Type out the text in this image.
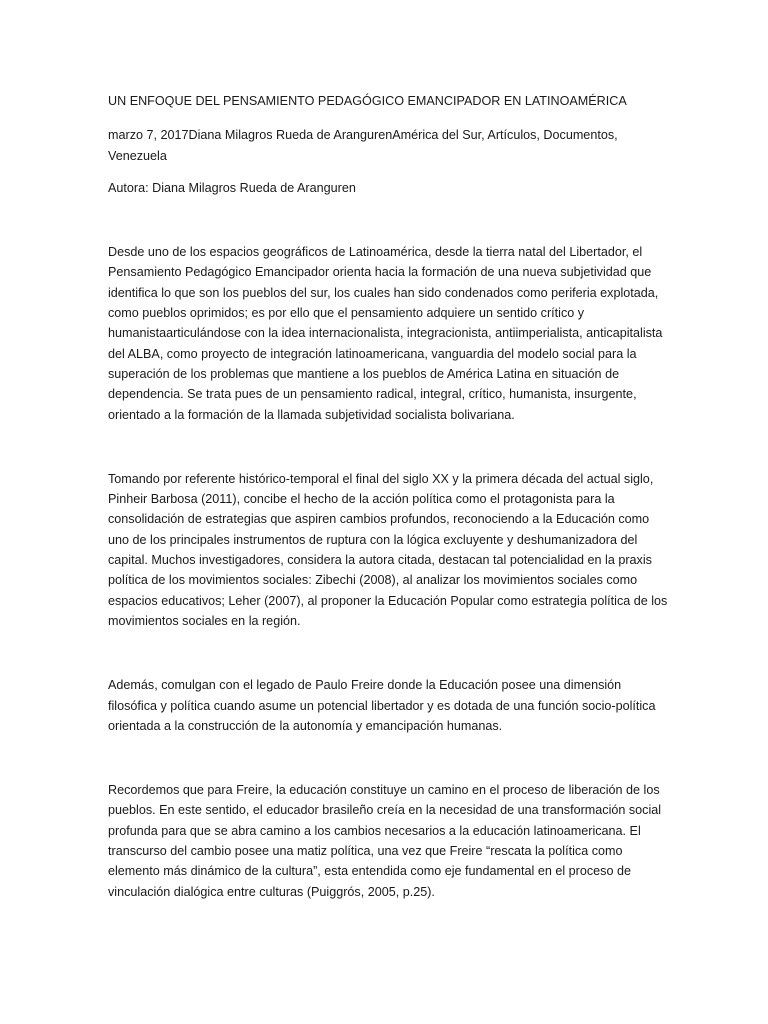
UN ENFOQUE DEL PENSAMIENTO PEDAGÓGICO EMANCIPADOR EN LATINOAMÉRICA
marzo 7, 2017Diana Milagros Rueda de ArangurenAmérica del Sur, Artículos, Documentos, Venezuela
Autora: Diana Milagros Rueda de Aranguren

Desde uno de los espacios geográficos de Latinoamérica, desde la tierra natal del Libertador, el Pensamiento Pedagógico Emancipador orienta hacia la formación de una nueva subjetividad que identifica lo que son los pueblos del sur, los cuales han sido condenados como periferia explotada, como pueblos oprimidos; es por ello que el pensamiento adquiere un sentido crítico y humanistaarticulándose con la idea internacionalista, integracionista, antiimperialista, anticapitalista del ALBA, como proyecto de integración latinoamericana, vanguardia del modelo social para la superación de los problemas que mantiene a los pueblos de América Latina en situación de dependencia. Se trata pues de un pensamiento radical, integral, crítico, humanista, insurgente, orientado a la formación de la llamada subjetividad socialista bolivariana.

Tomando por referente histórico-temporal el final del siglo XX y la primera década del actual siglo, Pinheir Barbosa (2011), concibe el hecho de la acción política como el protagonista para la consolidación de estrategias que aspiren cambios profundos, reconociendo a la Educación como uno de los principales instrumentos de ruptura con la lógica excluyente y deshumanizadora del capital. Muchos investigadores, considera la autora citada, destacan tal potencialidad en la praxis política de los movimientos sociales: Zibechi (2008), al analizar los movimientos sociales como espacios educativos; Leher (2007), al proponer la Educación Popular como estrategia política de los movimientos sociales en la región.

Además, comulgan con el legado de Paulo Freire donde la Educación posee una dimensión filosófica y política cuando asume un potencial libertador y es dotada de una función socio-política orientada a la construcción de la autonomía y emancipación humanas.

Recordemos que para Freire, la educación constituye un camino en el proceso de liberación de los pueblos. En este sentido, el educador brasileño creía en la necesidad de una transformación social profunda para que se abra camino a los cambios necesarios a la educación latinoamericana. El transcurso del cambio posee una matiz política, una vez que Freire “rescata la política como elemento más dinámico de la cultura”, esta entendida como eje fundamental en el proceso de vinculación dialógica entre culturas (Puiggrós, 2005, p.25).
